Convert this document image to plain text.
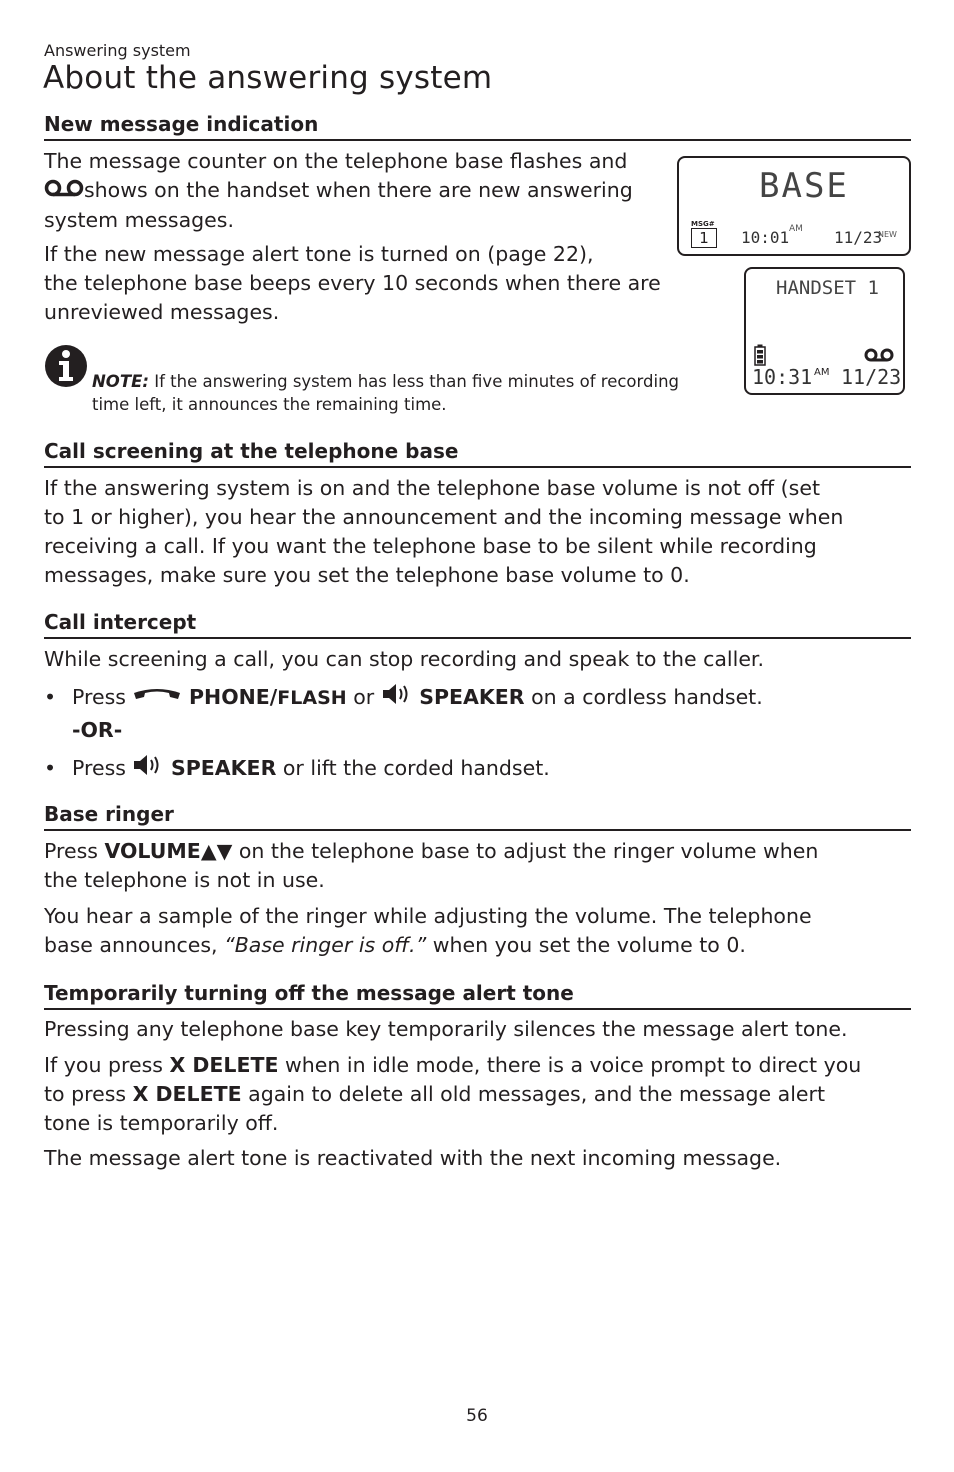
Answering system
About the answering system
New message indication
The message counter on the telephone base flashes and
shows on the handset when there are new answering
system messages.
If the new message alert tone is turned on (page 22),
the telephone base beeps every 10 seconds when there are
unreviewed messages.
NOTE: If the answering system has less than five minutes of recording
time left, it announces the remaining time.
BASE
MSG#
1	10:01 AM 11/23
NEW
HANDSET 1
10:31 AM 11/23
Call screening at the telephone base
If the answering system is on and the telephone base volume is not off (set
to 1 or higher), you hear the announcement and the incoming message when
receiving a call. If you want the telephone base to be silent while recording
messages, make sure you set the telephone base volume to 0.
Call intercept
While screening a call, you can stop recording and speak to the caller.
• Press	PHONE/FLASH or SPEAKER on a cordless handset.
-OR-
• Press SPEAKER or lift the corded handset.
Base ringer
Press VOLUME▲▼ on the telephone base to adjust the ringer volume when
the telephone is not in use.
You hear a sample of the ringer while adjusting the volume. The telephone
base announces, “Base ringer is off.” when you set the volume to 0.
Temporarily turning off the message alert tone
Pressing any telephone base key temporarily silences the message alert tone.
If you press X DELETE when in idle mode, there is a voice prompt to direct you
to press X DELETE again to delete all old messages, and the message alert
tone is temporarily off.
The message alert tone is reactivated with the next incoming message.
56
